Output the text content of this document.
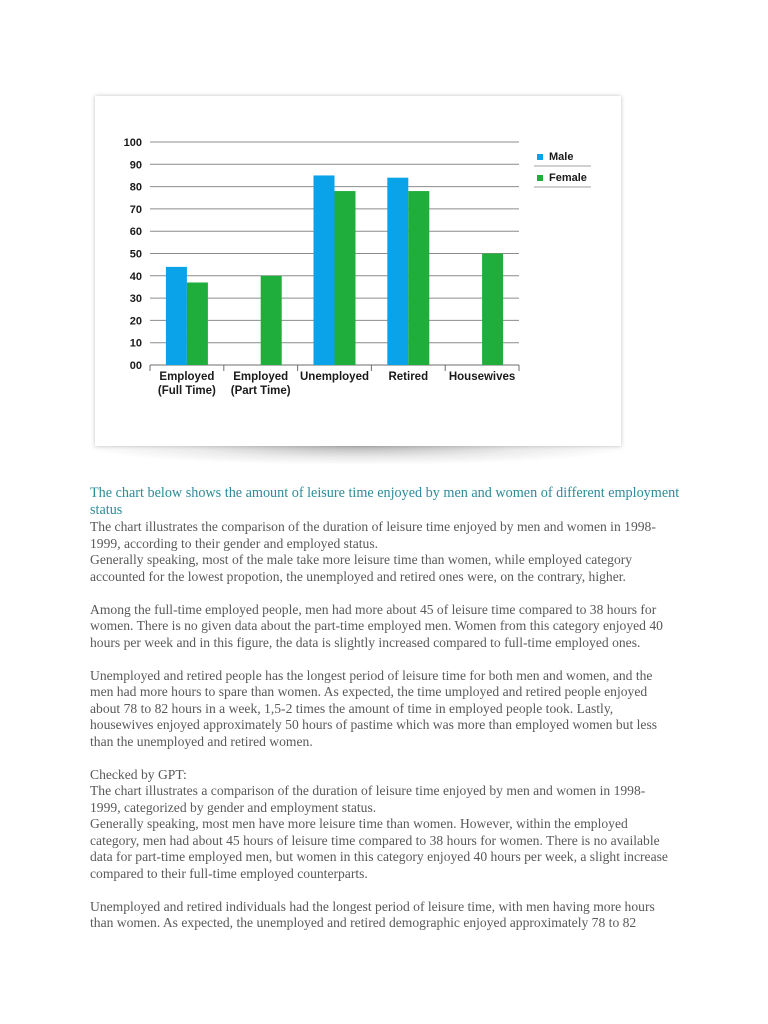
00
10
20
30
40
50
60
70
80
90
100
Employed
(Full Time)
Employed
(Part Time)
Unemployed Retired Housewives
Male
Female

The chart below shows the amount of leisure time enjoyed by men and women of different employment status

The chart illustrates the comparison of the duration of leisure time enjoyed by men and women in 1998-
1999, according to their gender and employed status.
Generally speaking, most of the male take more leisure time than women, while employed category
accounted for the lowest propotion, the unemployed and retired ones were, on the contrary, higher.

Among the full-time employed people, men had more about 45 of leisure time compared to 38 hours for
women. There is no given data about the part-time employed men. Women from this category enjoyed 40
hours per week and in this figure, the data is slightly increased compared to full-time employed ones.

Unemployed and retired people has the longest period of leisure time for both men and women, and the
men had more hours to spare than women. As expected, the time umployed and retired people enjoyed
about 78 to 82 hours in a week, 1,5-2 times the amount of time in employed people took. Lastly,
housewives enjoyed approximately 50 hours of pastime which was more than employed women but less
than the unemployed and retired women.

Checked by GPT:
The chart illustrates a comparison of the duration of leisure time enjoyed by men and women in 1998-
1999, categorized by gender and employment status.
Generally speaking, most men have more leisure time than women. However, within the employed
category, men had about 45 hours of leisure time compared to 38 hours for women. There is no available
data for part-time employed men, but women in this category enjoyed 40 hours per week, a slight increase
compared to their full-time employed counterparts.

Unemployed and retired individuals had the longest period of leisure time, with men having more hours
than women. As expected, the unemployed and retired demographic enjoyed approximately 78 to 82
